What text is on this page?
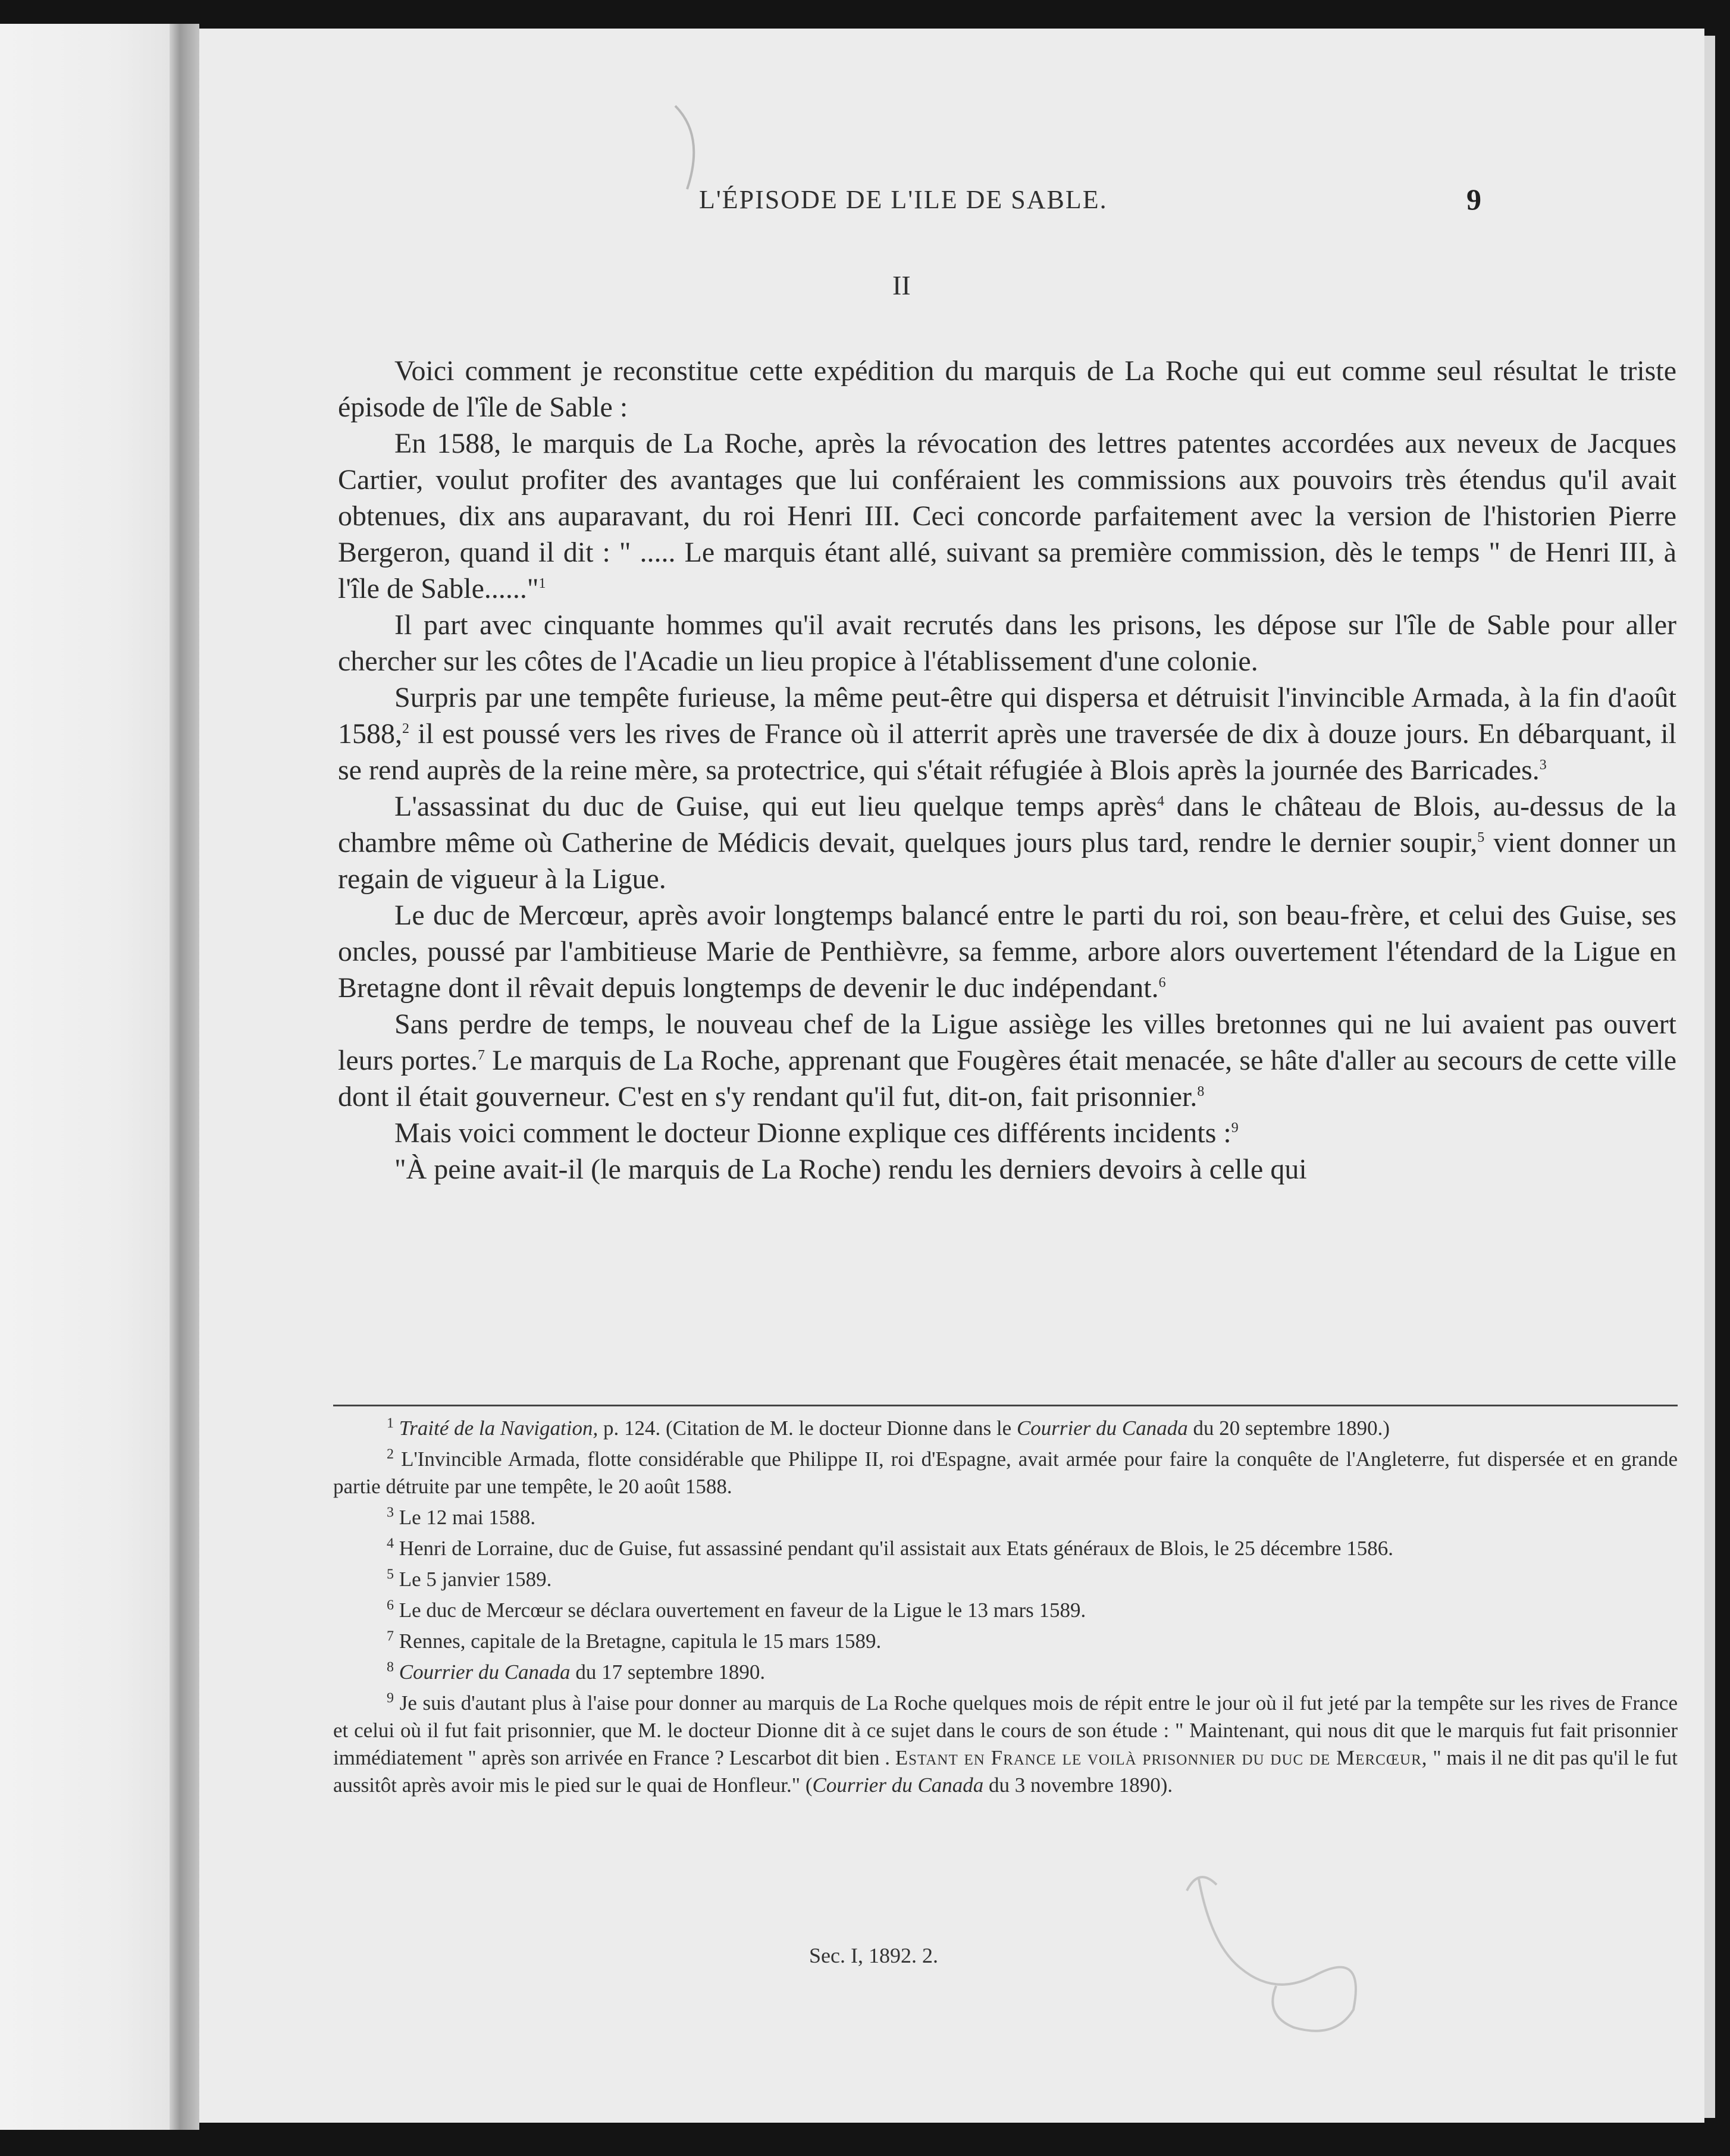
L'ÉPISODE DE L'ILE DE SABLE.	9
II

Voici comment je reconstitue cette expédition du marquis de La Roche qui eut comme seul résultat le triste épisode de l'île de Sable :

En 1588, le marquis de La Roche, après la révocation des lettres patentes accordées aux neveux de Jacques Cartier, voulut profiter des avantages que lui conféraient les commissions aux pouvoirs très étendus qu'il avait obtenues, dix ans auparavant, du roi Henri III. Ceci concorde parfaitement avec la version de l'historien Pierre Bergeron, quand il dit : " ..... Le marquis étant allé, suivant sa première commission, dès le temps " de Henri III, à l'île de Sable......"$^1$

Il part avec cinquante hommes qu'il avait recrutés dans les prisons, les dépose sur l'île de Sable pour aller chercher sur les côtes de l'Acadie un lieu propice à l'établissement d'une colonie.

Surpris par une tempête furieuse, la même peut-être qui dispersa et détruisit l'invincible Armada, à la fin d'août 1588,$^2$ il est poussé vers les rives de France où il atterrit après une traversée de dix à douze jours. En débarquant, il se rend auprès de la reine mère, sa protectrice, qui s'était réfugiée à Blois après la journée des Barricades.$^3$

L'assassinat du duc de Guise, qui eut lieu quelque temps après$^4$ dans le château de Blois, au-dessus de la chambre même où Catherine de Médicis devait, quelques jours plus tard, rendre le dernier soupir,$^5$ vient donner un regain de vigueur à la Ligue.

Le duc de Mercœur, après avoir longtemps balancé entre le parti du roi, son beau-frère, et celui des Guise, ses oncles, poussé par l'ambitieuse Marie de Penthièvre, sa femme, arbore alors ouvertement l'étendard de la Ligue en Bretagne dont il rêvait depuis longtemps de devenir le duc indépendant.$^6$

Sans perdre de temps, le nouveau chef de la Ligue assiège les villes bretonnes qui ne lui avaient pas ouvert leurs portes.$^7$ Le marquis de La Roche, apprenant que Fougères était menacée, se hâte d'aller au secours de cette ville dont il était gouverneur. C'est en s'y rendant qu'il fut, dit-on, fait prisonnier.$^8$

Mais voici comment le docteur Dionne explique ces différents incidents :$^9$

"À peine avait-il (le marquis de La Roche) rendu les derniers devoirs à celle qui

$^1$ Traité de la Navigation, p. 124. (Citation de M. le docteur Dionne dans le Courrier du Canada du 20 septembre 1890.)

$^2$ L'Invincible Armada, flotte considérable que Philippe II, roi d'Espagne, avait armée pour faire la conquête de l'Angleterre, fut dispersée et en grande partie détruite par une tempête, le 20 août 1588.

$^3$ Le 12 mai 1588.

$^4$ Henri de Lorraine, duc de Guise, fut assassiné pendant qu'il assistait aux Etats généraux de Blois, le 25 décembre 1586.

$^5$ Le 5 janvier 1589.

$^6$ Le duc de Mercœur se déclara ouvertement en faveur de la Ligue le 13 mars 1589.

$^7$ Rennes, capitale de la Bretagne, capitula le 15 mars 1589.

$^8$ Courrier du Canada du 17 septembre 1890.

$^9$ Je suis d'autant plus à l'aise pour donner au marquis de La Roche quelques mois de répit entre le jour où il fut jeté par la tempête sur les rives de France et celui où il fut fait prisonnier, que M. le docteur Dionne dit à ce sujet dans le cours de son étude : " Maintenant, qui nous dit que le marquis fut fait prisonnier immédiatement " après son arrivée en France ? Lescarbot dit bien . Estant en France le voilà prisonnier du duc de Mercœur, " mais il ne dit pas qu'il le fut aussitôt après avoir mis le pied sur le quai de Honfleur." (Courrier du Canada du 3 novembre 1890).

Sec. I, 1892. 2.
